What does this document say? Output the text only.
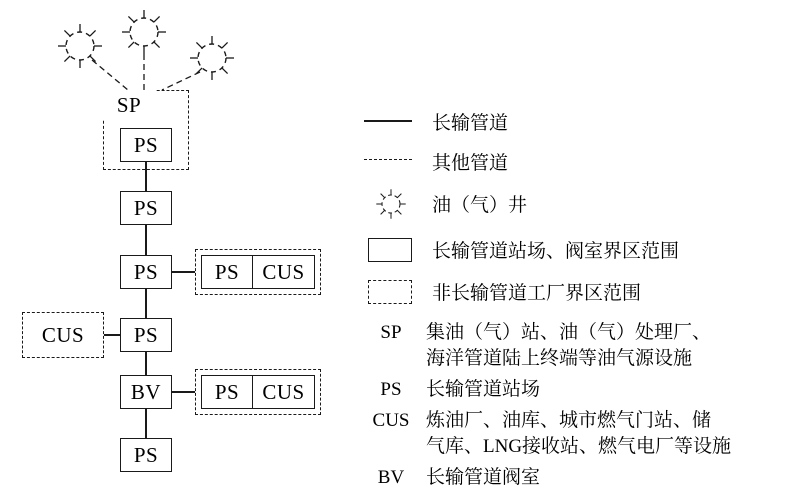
SP
PS
PS
PS	PS CUS
PS
CUS
BV	PS CUS
PS
长输管道
其他管道
油（气）井
长输管道站场、阀室界区范围
非长输管道工厂界区范围
SP	集油（气）站、油（气）处理厂、
海洋管道陆上终端等油气源设施
PS	长输管道站场
CUS 炼油厂、油库、城市燃气门站、储
气库、LNG接收站、燃气电厂等设施
BV	长输管道阀室
